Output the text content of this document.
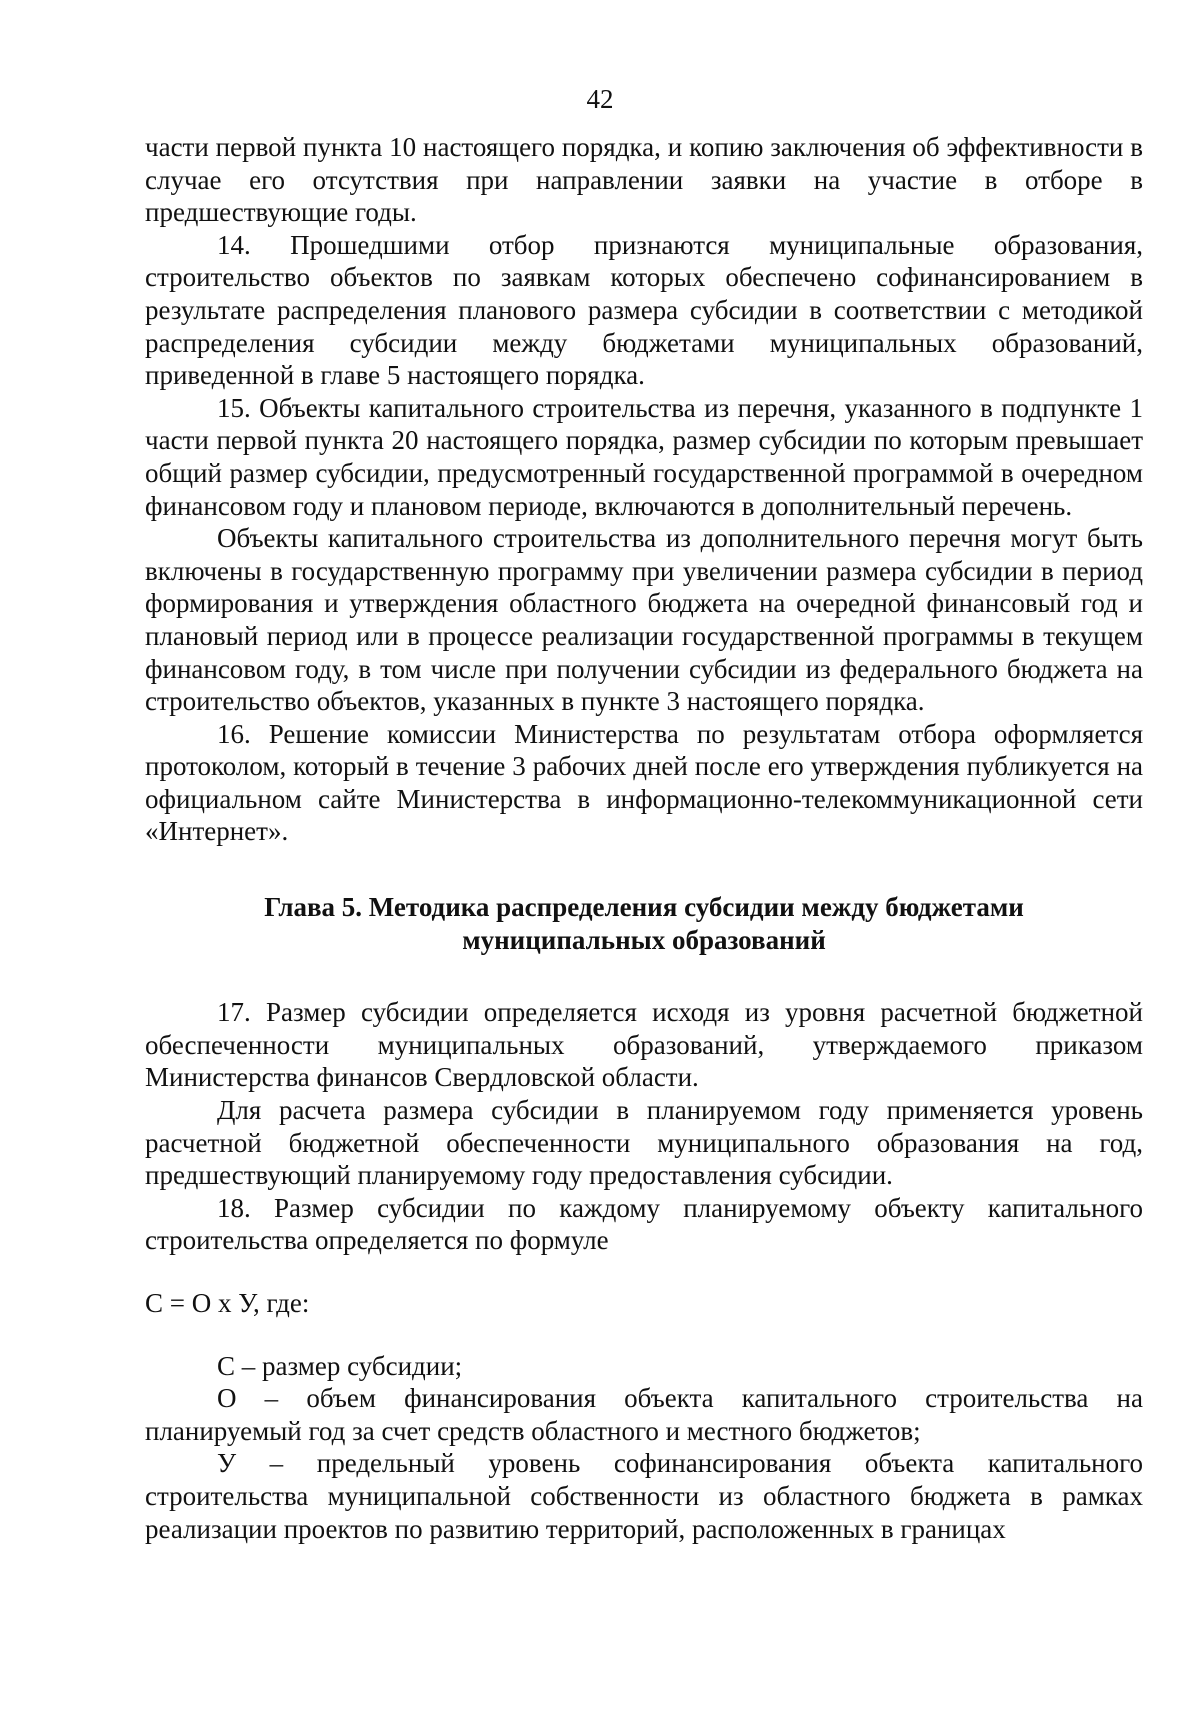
42

части первой пункта 10 настоящего порядка, и копию заключения об эффективности в случае его отсутствия при направлении заявки на участие в отборе в предшествующие годы.

14. Прошедшими отбор признаются муниципальные образования, строительство объектов по заявкам которых обеспечено софинансированием в результате распределения планового размера субсидии в соответствии с методикой распределения субсидии между бюджетами муниципальных образований, приведенной в главе 5 настоящего порядка.

15. Объекты капитального строительства из перечня, указанного в подпункте 1 части первой пункта 20 настоящего порядка, размер субсидии по которым превышает общий размер субсидии, предусмотренный государственной программой в очередном финансовом году и плановом периоде, включаются в дополнительный перечень.

Объекты капитального строительства из дополнительного перечня могут быть включены в государственную программу при увеличении размера субсидии в период формирования и утверждения областного бюджета на очередной финансовый год и плановый период или в процессе реализации государственной программы в текущем финансовом году, в том числе при получении субсидии из федерального бюджета на строительство объектов, указанных в пункте 3 настоящего порядка.

16. Решение комиссии Министерства по результатам отбора оформляется протоколом, который в течение 3 рабочих дней после его утверждения публикуется на официальном сайте Министерства в информационно-телекоммуникационной сети «Интернет».

Глава 5. Методика распределения субсидии между бюджетами
муниципальных образований

17. Размер субсидии определяется исходя из уровня расчетной бюджетной обеспеченности муниципальных образований, утверждаемого приказом Министерства финансов Свердловской области.

Для расчета размера субсидии в планируемом году применяется уровень расчетной бюджетной обеспеченности муниципального образования на год, предшествующий планируемому году предоставления субсидии.

18. Размер субсидии по каждому планируемому объекту капитального строительства определяется по формуле

С = О х У, где:

С – размер субсидии;

О – объем финансирования объекта капитального строительства на планируемый год за счет средств областного и местного бюджетов;

У – предельный уровень софинансирования объекта капитального строительства муниципальной собственности из областного бюджета в рамках реализации проектов по развитию территорий, расположенных в границах
